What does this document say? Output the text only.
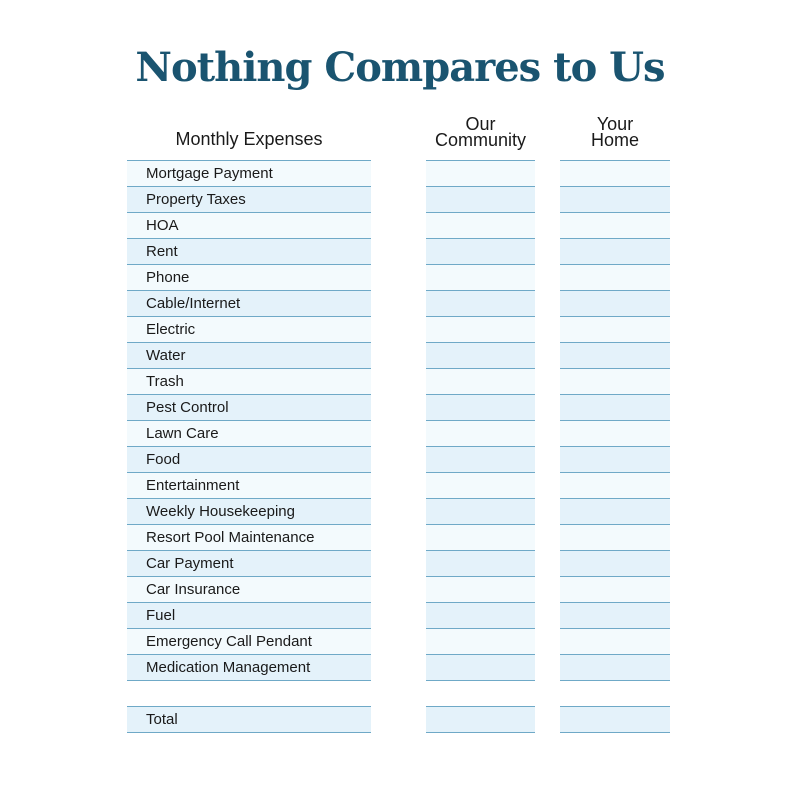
Nothing Compares to Us
Monthly Expenses
Our
Community
Your
Home
Mortgage Payment
Property Taxes
HOA
Rent
Phone
Cable/Internet
Electric
Water
Trash
Pest Control
Lawn Care
Food
Entertainment
Weekly Housekeeping
Resort Pool Maintenance
Car Payment
Car Insurance
Fuel
Emergency Call Pendant
Medication Management
Total
